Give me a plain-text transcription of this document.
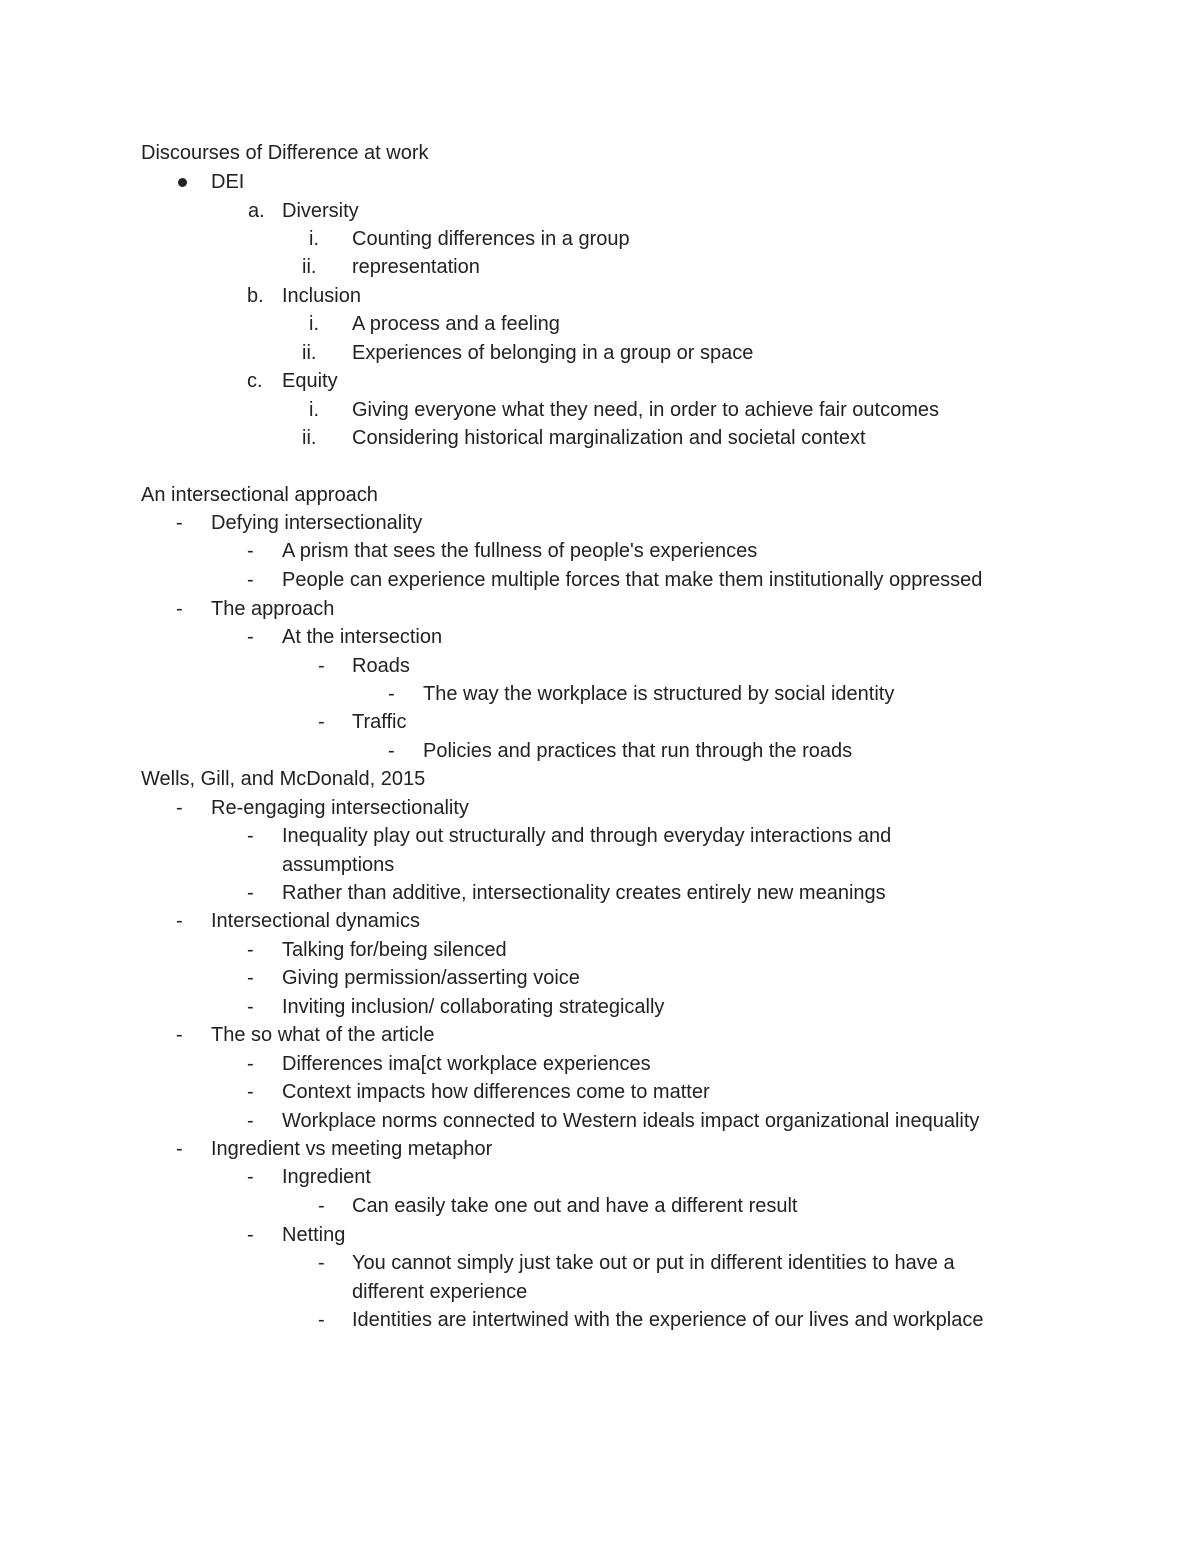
Discourses of Difference at work
DEI
a. Diversity
i. Counting differences in a group
ii. representation
b. Inclusion
i. A process and a feeling
ii. Experiences of belonging in a group or space
c. Equity
i. Giving everyone what they need, in order to achieve fair outcomes
ii. Considering historical marginalization and societal context
An intersectional approach
- Defying intersectionality
- A prism that sees the fullness of people's experiences
- People can experience multiple forces that make them institutionally oppressed
- The approach
- At the intersection
- Roads
- The way the workplace is structured by social identity
- Traffic
- Policies and practices that run through the roads
Wells, Gill, and McDonald, 2015
- Re-engaging intersectionality
- Inequality play out structurally and through everyday interactions and
assumptions
- Rather than additive, intersectionality creates entirely new meanings
- Intersectional dynamics
- Talking for/being silenced
- Giving permission/asserting voice
- Inviting inclusion/ collaborating strategically
- The so what of the article
- Differences ima[ct workplace experiences
- Context impacts how differences come to matter
- Workplace norms connected to Western ideals impact organizational inequality
- Ingredient vs meeting metaphor
- Ingredient
- Can easily take one out and have a different result
- Netting
- You cannot simply just take out or put in different identities to have a
different experience
- Identities are intertwined with the experience of our lives and workplace
